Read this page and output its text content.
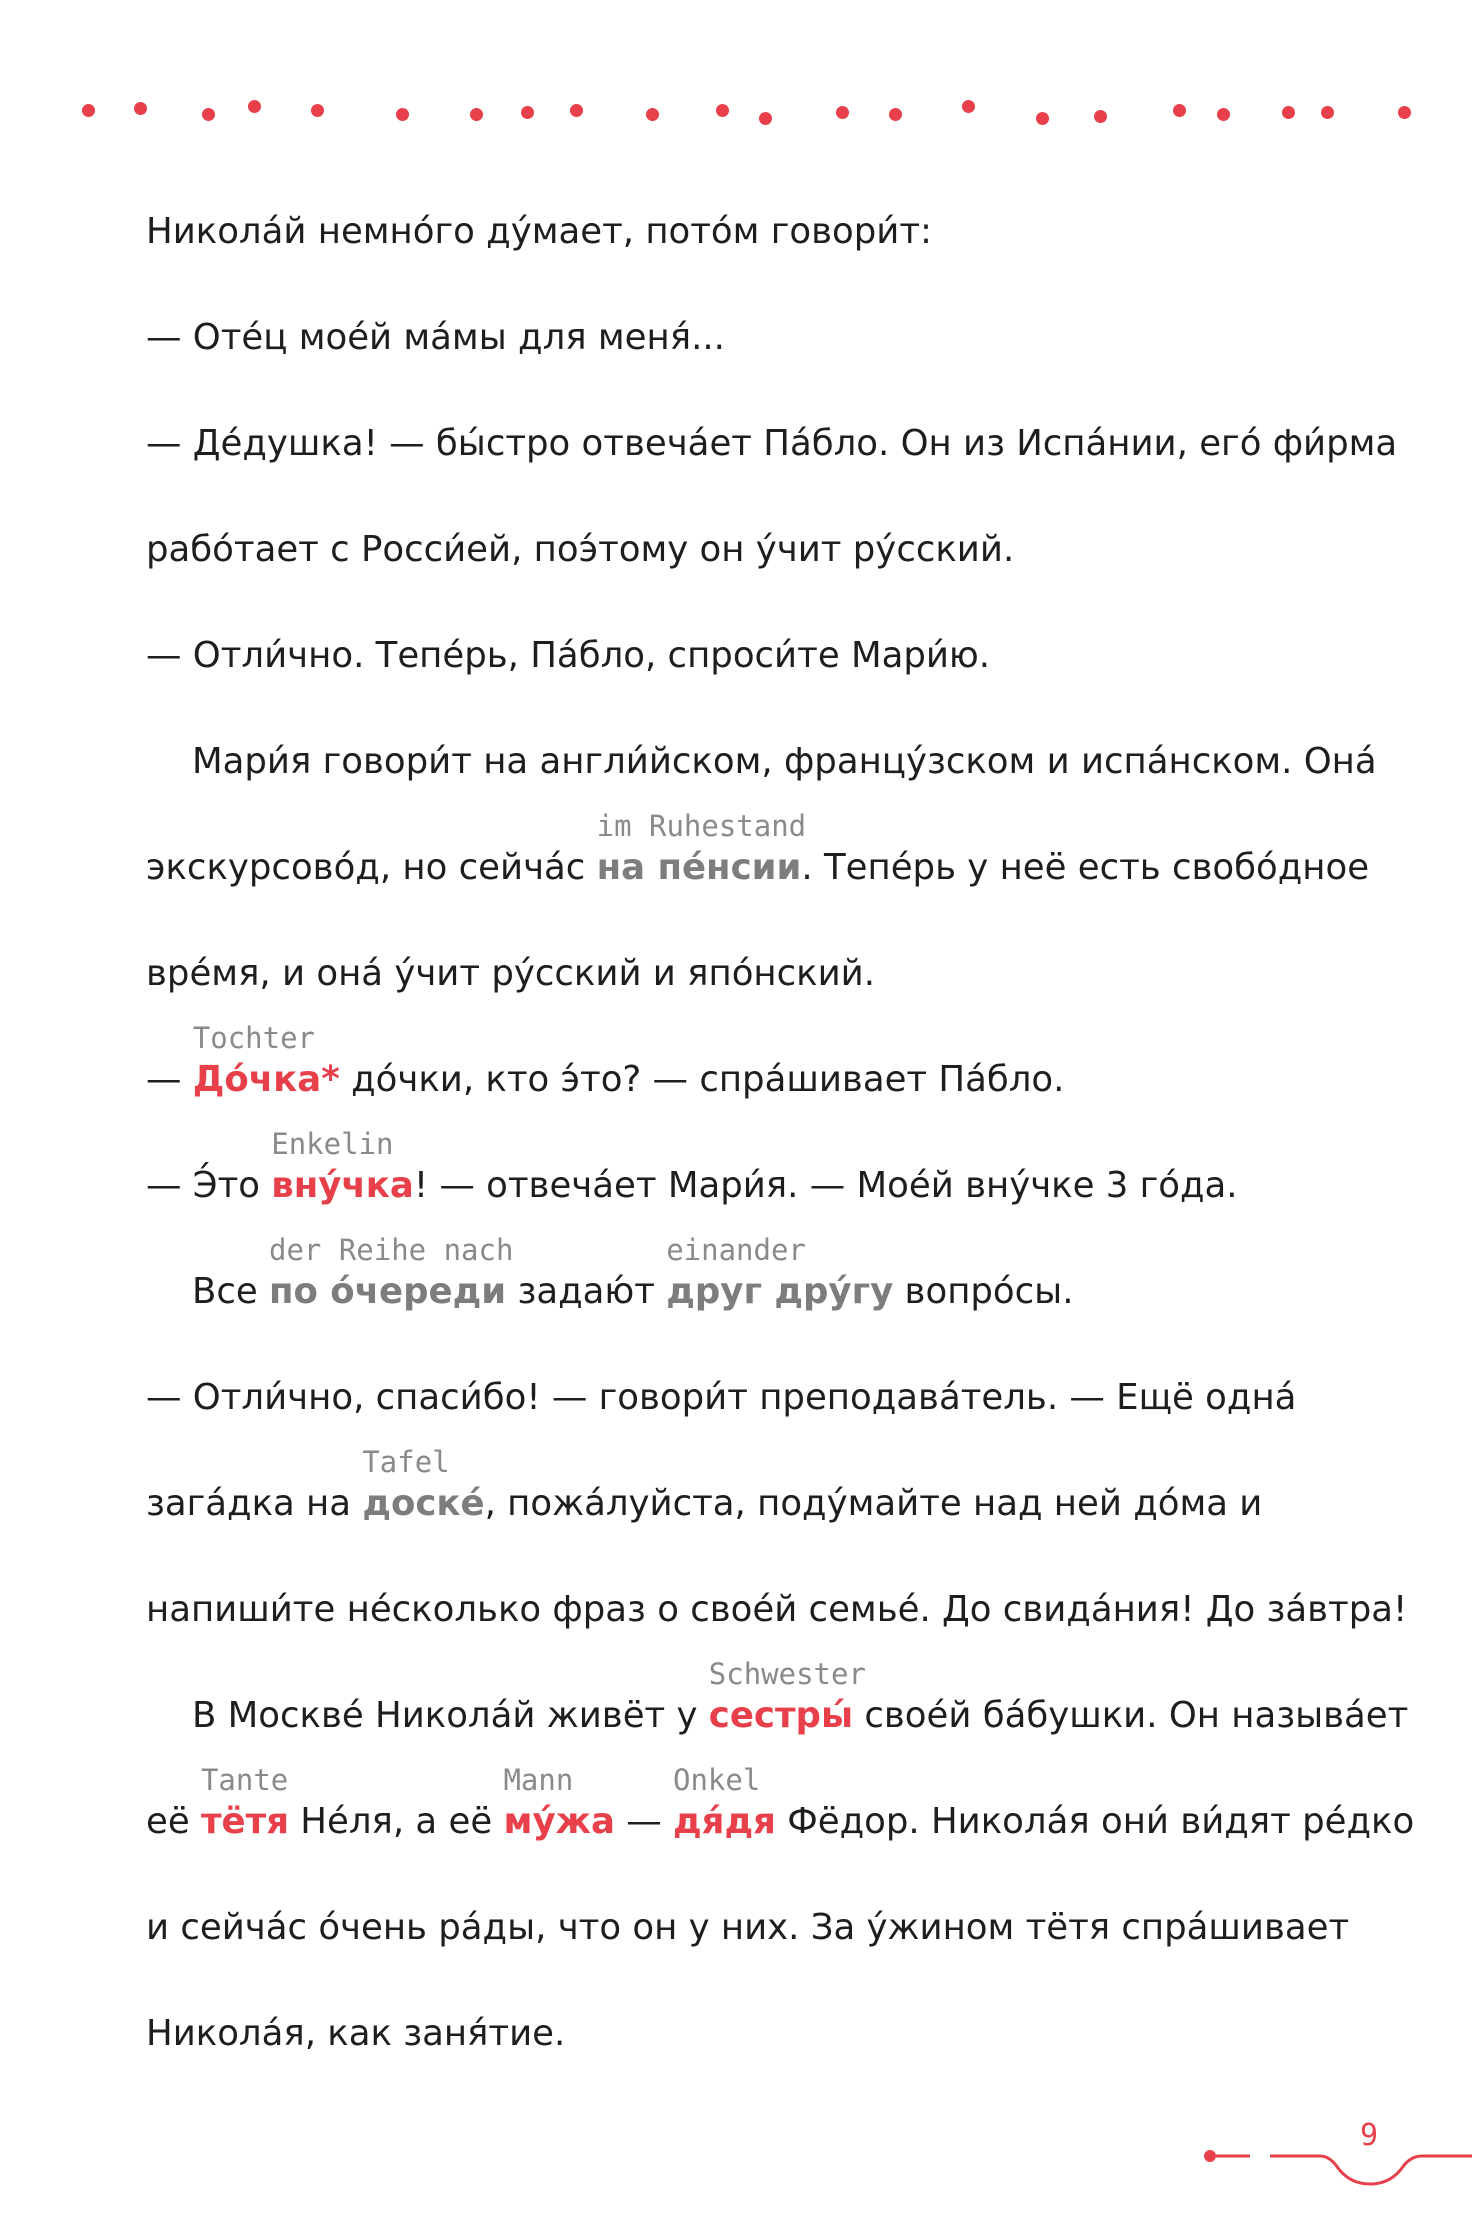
Никола́й немно́го ду́мает, пото́м говори́т:
— Оте́ц мое́й ма́мы для меня́...
— Де́душка! — бы́стро отвеча́ет Па́бло. Он из Испа́нии, его́ фи́рма
рабо́тает с Росси́ей, поэ́тому он у́чит ру́сский.
— Отли́чно. Тепе́рь, Па́бло, спроси́те Мари́ю.
Мари́я говори́т на англи́йском, францу́зском и испа́нском. Она́
экскурсово́д, но сейча́с
im Ruhestand
на пе́нсии. Тепе́рь у неё есть свобо́дное
вре́мя, и она́ у́чит ру́сский и япо́нский.
—
Tochter
До́чка* до́чки, кто э́то? — спра́шивает Па́бло.
— Э́то
Enkelin
вну́чка! — отвеча́ет Мари́я. — Мое́й вну́чке 3 го́да.
Все
der Reihe nach
по о́череди задаю́т
einander
друг дру́гу вопро́сы.
— Отли́чно, спаси́бо! — говори́т преподава́тель. — Ещё одна́
зага́дка на
Tafel
доске́, пожа́луйста, поду́майте над ней до́ма и
напиши́те не́сколько фраз о свое́й семье́. До свида́ния! До за́втра!
В Москве́ Никола́й живёт у
Schwester
сестры́ свое́й ба́бушки. Он называ́ет
её
Tante
тётя Не́ля, а её
Mann
му́жа —
Onkel
дя́дя Фёдор. Никола́я они́ ви́дят ре́дко
и сейча́с о́чень ра́ды, что он у них. За у́жином тётя спра́шивает
Никола́я, как заня́тие.
9
